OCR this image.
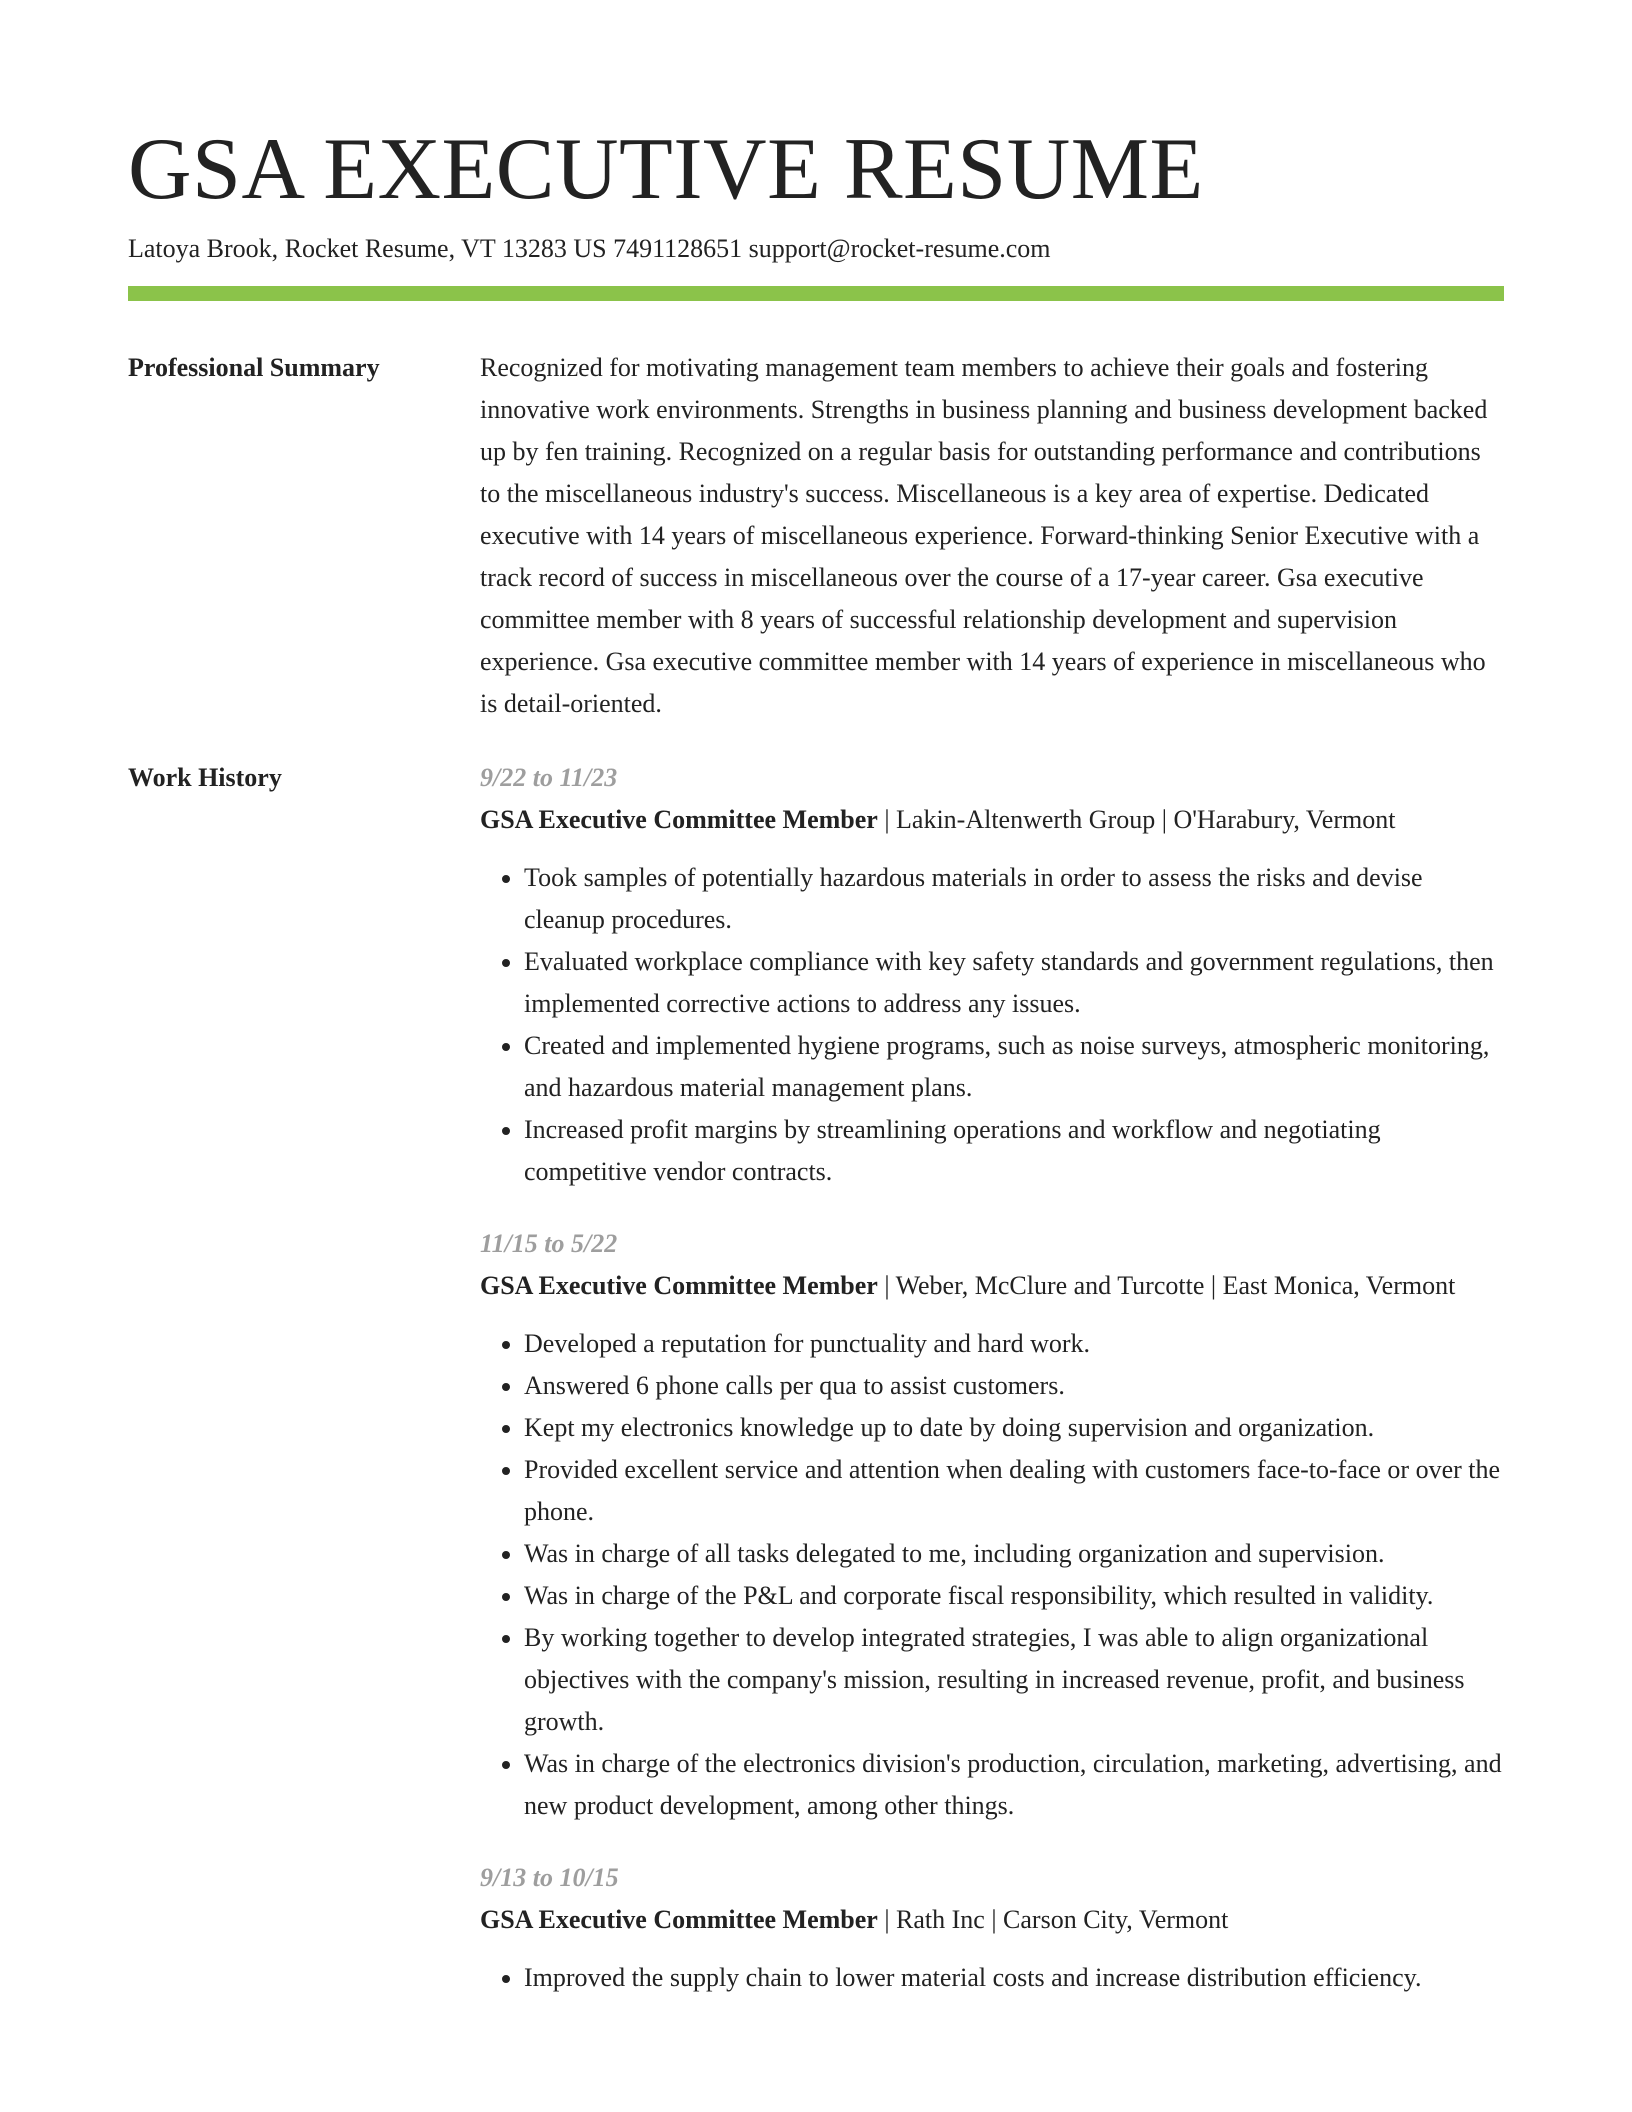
GSA EXECUTIVE RESUME
Latoya Brook, Rocket Resume, VT 13283 US 7491128651 support@rocket-resume.com
Professional Summary	Recognized for motivating management team members to achieve their goals and fostering innovative work environments. Strengths in business planning and business development backed up by fen training. Recognized on a regular basis for outstanding performance and contributions to the miscellaneous industry's success. Miscellaneous is a key area of expertise. Dedicated executive with 14 years of miscellaneous experience. Forward-thinking Senior Executive with a track record of success in miscellaneous over the course of a 17-year career. Gsa executive committee member with 8 years of successful relationship development and supervision experience. Gsa executive committee member with 14 years of experience in miscellaneous who is detail-oriented.

Work History	9/22 to 11/23
GSA Executive Committee Member | Lakin-Altenwerth Group | O'Harabury, Vermont
• Took samples of potentially hazardous materials in order to assess the risks and devise cleanup procedures.
• Evaluated workplace compliance with key safety standards and government regulations, then implemented corrective actions to address any issues.
• Created and implemented hygiene programs, such as noise surveys, atmospheric monitoring, and hazardous material management plans.
• Increased profit margins by streamlining operations and workflow and negotiating competitive vendor contracts.
11/15 to 5/22
GSA Executive Committee Member | Weber, McClure and Turcotte | East Monica, Vermont
• Developed a reputation for punctuality and hard work.
• Answered 6 phone calls per qua to assist customers.
• Kept my electronics knowledge up to date by doing supervision and organization.
• Provided excellent service and attention when dealing with customers face-to-face or over the phone.
• Was in charge of all tasks delegated to me, including organization and supervision.
• Was in charge of the P&L and corporate fiscal responsibility, which resulted in validity.
• By working together to develop integrated strategies, I was able to align organizational objectives with the company's mission, resulting in increased revenue, profit, and business growth.
• Was in charge of the electronics division's production, circulation, marketing, advertising, and new product development, among other things.
9/13 to 10/15
GSA Executive Committee Member | Rath Inc | Carson City, Vermont
• Improved the supply chain to lower material costs and increase distribution efficiency.
